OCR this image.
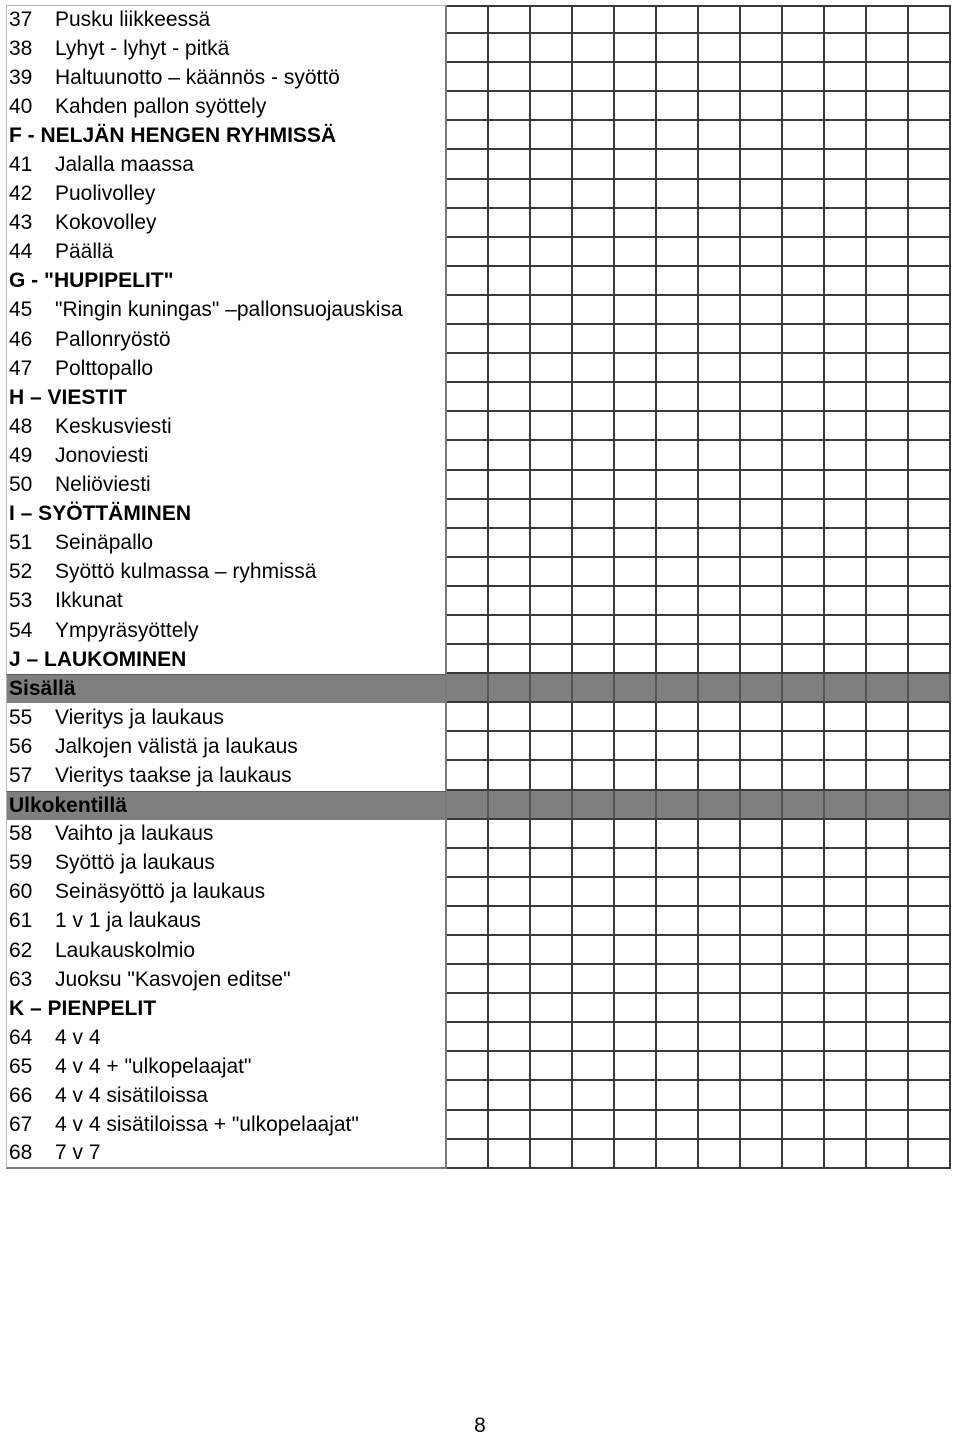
37	Pusku liikkeessä
38	Lyhyt - lyhyt - pitkä
39	Haltuunotto – käännös - syöttö
40	Kahden pallon syöttely
F - NELJÄN HENGEN RYHMISSÄ
41	Jalalla maassa
42	Puolivolley
43	Kokovolley
44	Päällä
G - "HUPIPELIT"
45	"Ringin kuningas" –pallonsuojauskisa
46	Pallonryöstö
47	Polttopallo
H – VIESTIT
48	Keskusviesti
49	Jonoviesti
50	Neliöviesti
I – SYÖTTÄMINEN
51	Seinäpallo
52	Syöttö kulmassa – ryhmissä
53	Ikkunat
54	Ympyräsyöttely
J – LAUKOMINEN
Sisällä
55	Vieritys ja laukaus
56	Jalkojen välistä ja laukaus
57	Vieritys taakse ja laukaus
Ulkokentillä
58	Vaihto ja laukaus
59	Syöttö ja laukaus
60	Seinäsyöttö ja laukaus
61	1 v 1 ja laukaus
62	Laukauskolmio
63	Juoksu "Kasvojen editse"
K – PIENPELIT
64	4 v 4
65	4 v 4 + "ulkopelaajat"
66	4 v 4 sisätiloissa
67	4 v 4 sisätiloissa + "ulkopelaajat"
68	7 v 7
8
